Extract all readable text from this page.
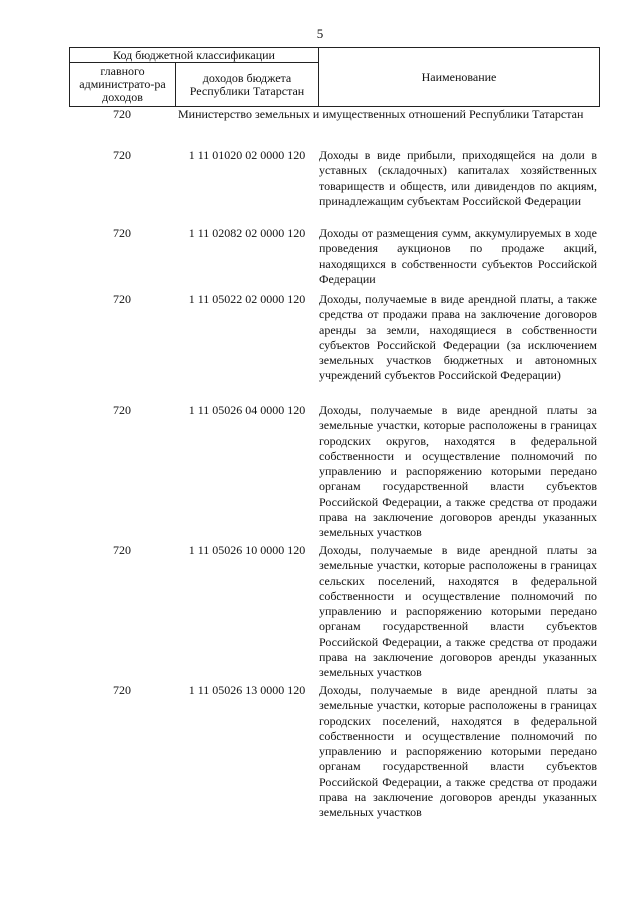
5
Код бюджетной классификации		Наименование
главного администрато-ра доходов	доходов бюджета Республики Татарстан	
720	Министерство земельных и имущественных отношений Республики Татарстан
720	1 11 01020 02 0000 120	Доходы в виде прибыли, приходящейся на доли в уставных (складочных) капиталах хозяйственных товариществ и обществ, или дивидендов по акциям, принадлежащим субъектам Российской Федерации
720	1 11 02082 02 0000 120	Доходы от размещения сумм, аккумулируемых в ходе проведения аукционов по продаже акций, находящихся в собственности субъектов Российской Федерации
720	1 11 05022 02 0000 120	Доходы, получаемые в виде арендной платы, а также средства от продажи права на заключение договоров аренды за земли, находящиеся в собственности субъектов Российской Федерации (за исключением земельных участков бюджетных и автономных учреждений субъектов Российской Федерации)
720	1 11 05026 04 0000 120	Доходы, получаемые в виде арендной платы за земельные участки, которые расположены в границах городских округов, находятся в федеральной собственности и осуществление полномочий по управлению и распоряжению которыми передано органам государственной власти субъектов Российской Федерации, а также средства от продажи права на заключение договоров аренды указанных земельных участков
720	1 11 05026 10 0000 120	Доходы, получаемые в виде арендной платы за земельные участки, которые расположены в границах сельских поселений, находятся в федеральной собственности и осуществление полномочий по управлению и распоряжению которыми передано органам государственной власти субъектов Российской Федерации, а также средства от продажи права на заключение договоров аренды указанных земельных участков
720	1 11 05026 13 0000 120	Доходы, получаемые в виде арендной платы за земельные участки, которые расположены в границах городских поселений, находятся в федеральной собственности и осуществление полномочий по управлению и распоряжению которыми передано органам государственной власти субъектов Российской Федерации, а также средства от продажи права на заключение договоров аренды указанных земельных участков
